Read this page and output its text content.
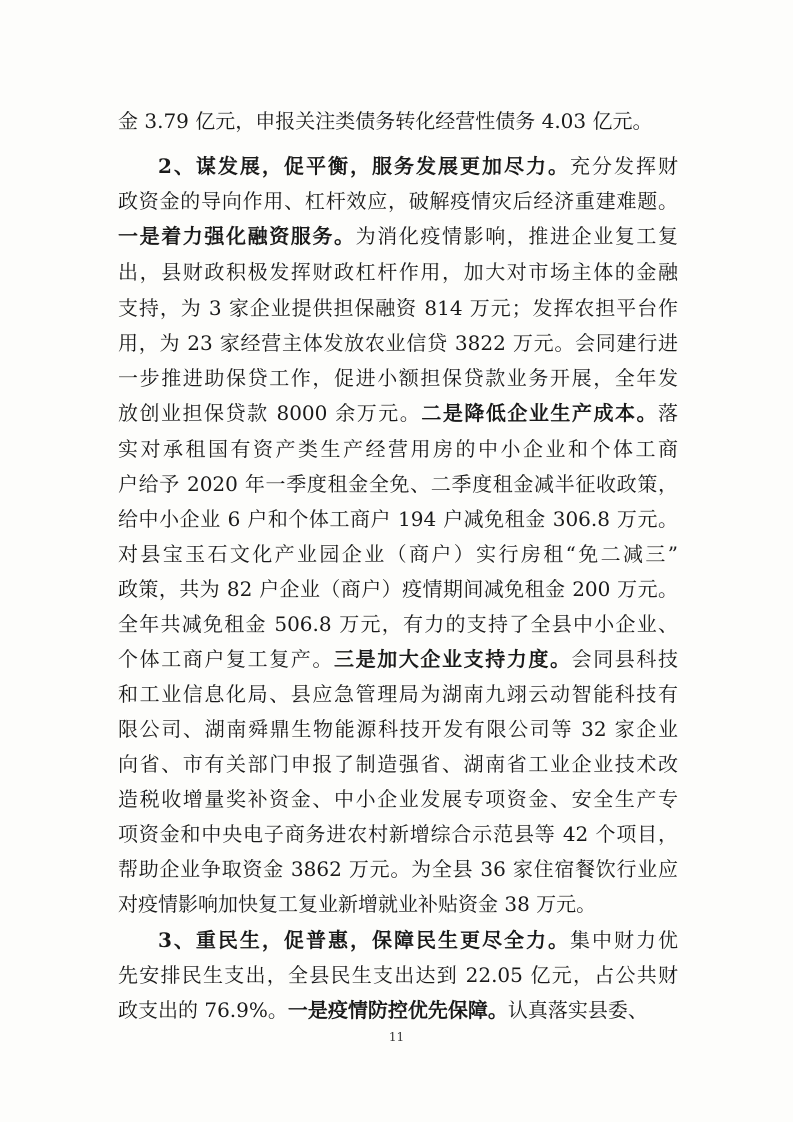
金 3.79 亿元，申报关注类债务转化经营性债务 4.03 亿元。
2、谋发展，促平衡，服务发展更加尽力。充分发挥财
政资金的导向作用、杠杆效应，破解疫情灾后经济重建难题。
一是着力强化融资服务。为消化疫情影响，推进企业复工复
出，县财政积极发挥财政杠杆作用，加大对市场主体的金融
支持，为 3 家企业提供担保融资 814 万元；发挥农担平台作
用，为 23 家经营主体发放农业信贷 3822 万元。会同建行进
一步推进助保贷工作，促进小额担保贷款业务开展，全年发
放创业担保贷款 8000 余万元。二是降低企业生产成本。落
实对承租国有资产类生产经营用房的中小企业和个体工商
户给予 2020 年一季度租金全免、二季度租金减半征收政策，
给中小企业 6 户和个体工商户 194 户减免租金 306.8 万元。
对县宝玉石文化产业园企业（商户）实行房租“免二减三”
政策，共为 82 户企业（商户）疫情期间减免租金 200 万元。
全年共减免租金 506.8 万元，有力的支持了全县中小企业、
个体工商户复工复产。三是加大企业支持力度。会同县科技
和工业信息化局、县应急管理局为湖南九翊云动智能科技有
限公司、湖南舜鼎生物能源科技开发有限公司等 32 家企业
向省、市有关部门申报了制造强省、湖南省工业企业技术改
造税收增量奖补资金、中小企业发展专项资金、安全生产专
项资金和中央电子商务进农村新增综合示范县等 42 个项目，
帮助企业争取资金 3862 万元。为全县 36 家住宿餐饮行业应
对疫情影响加快复工复业新增就业补贴资金 38 万元。
3、重民生，促普惠，保障民生更尽全力。集中财力优
先安排民生支出，全县民生支出达到 22.05 亿元，占公共财
政支出的 76.9%。一是疫情防控优先保障。认真落实县委、
11
